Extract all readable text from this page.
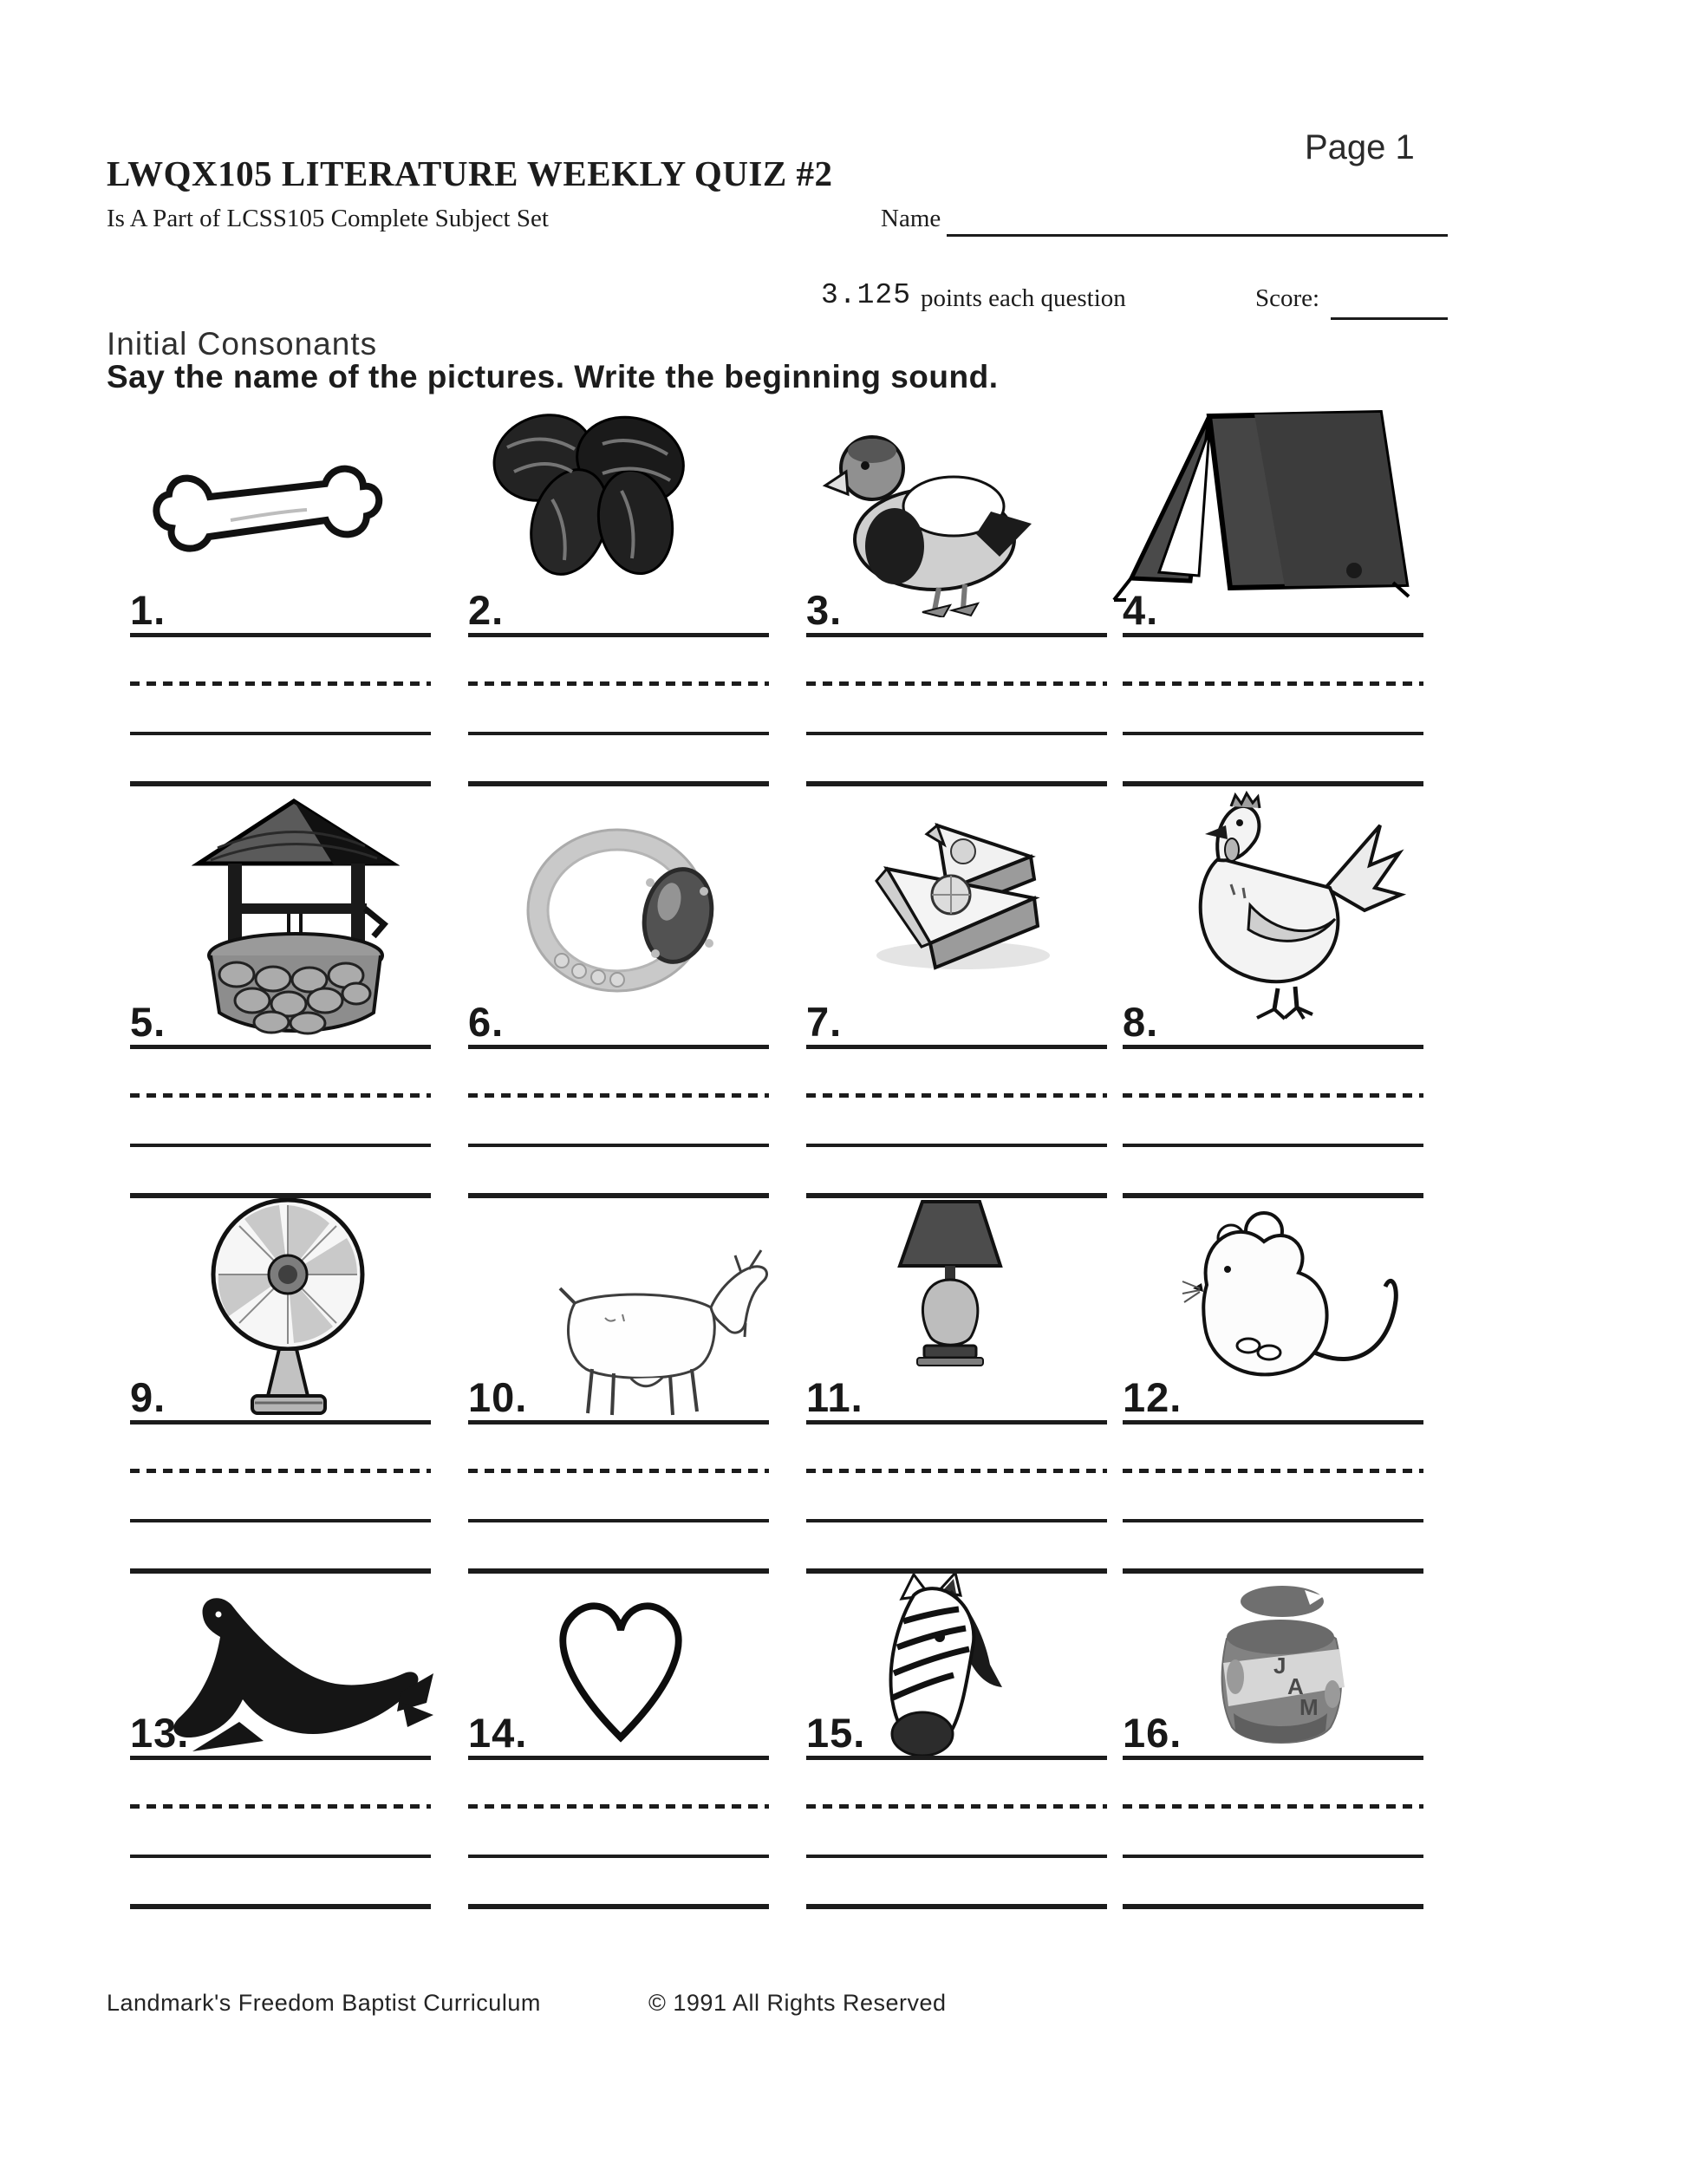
Page 1
LWQX105 LITERATURE WEEKLY QUIZ #2
Is A Part of LCSS105 Complete Subject Set	Name
3.125 points each question	Score:
Initial Consonants
Say the name of the pictures. Write the beginning sound.
J
A
M
1.	2.	3.	4.
5.	6.	7.	8.
9.	10.	11.	12.
13.	14.	15.	16.
Landmark's Freedom Baptist Curriculum	© 1991 All Rights Reserved
